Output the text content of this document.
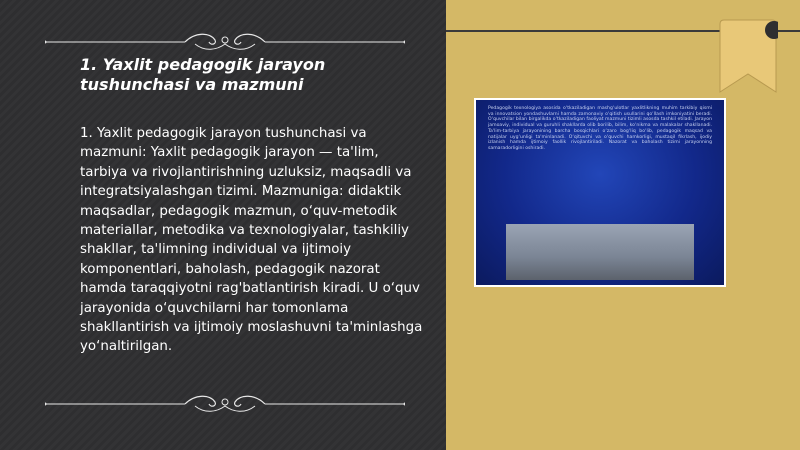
1. Yaxlit pedagogik jarayon tushunchasi va mazmuni

1. Yaxlit pedagogik jarayon tushunchasi va mazmuni: Yaxlit pedagogik jarayon — ta'lim, tarbiya va rivojlantirishning uzluksiz, maqsadli va integratsiyalashgan tizimi. Mazmuniga: didaktik maqsadlar, pedagogik mazmun, o‘quv-metodik materiallar, metodika va texnologiyalar, tashkiliy shakllar, ta'limning individual va ijtimoiy komponentlari, baholash, pedagogik nazorat hamda taraqqiyotni rag'batlantirish kiradi. U o‘quv jarayonida o‘quvchilarni har tomonlama shakllantirish va ijtimoiy moslashuvni ta'minlashga yo‘naltirilgan.

Pedagogik texnologiya asosida o‘tkaziladigan mashg‘ulotlar yaxlitlikning muhim tarkibiy qismi va innovatsion yondashuvlarni hamda zamonaviy o‘qitish usullarini qo‘llash imkoniyatini beradi. O‘quvchilar bilan birgalikda o‘tkaziladigan faoliyat mazmuni tizimli asosda tashkil etiladi. Jarayon jamoaviy, individual va guruhli shakllarda olib borilib, bilim, ko‘nikma va malakalar shakllanadi. Ta'lim-tarbiya jarayonining barcha bosqichlari o‘zaro bog‘liq bo‘lib, pedagogik maqsad va natijalar uyg‘unligi ta'minlanadi. O‘qituvchi va o‘quvchi hamkorligi, mustaqil fikrlash, ijodiy izlanish hamda ijtimoiy faollik rivojlantiriladi. Nazorat va baholash tizimi jarayonning samaradorligini oshiradi.
